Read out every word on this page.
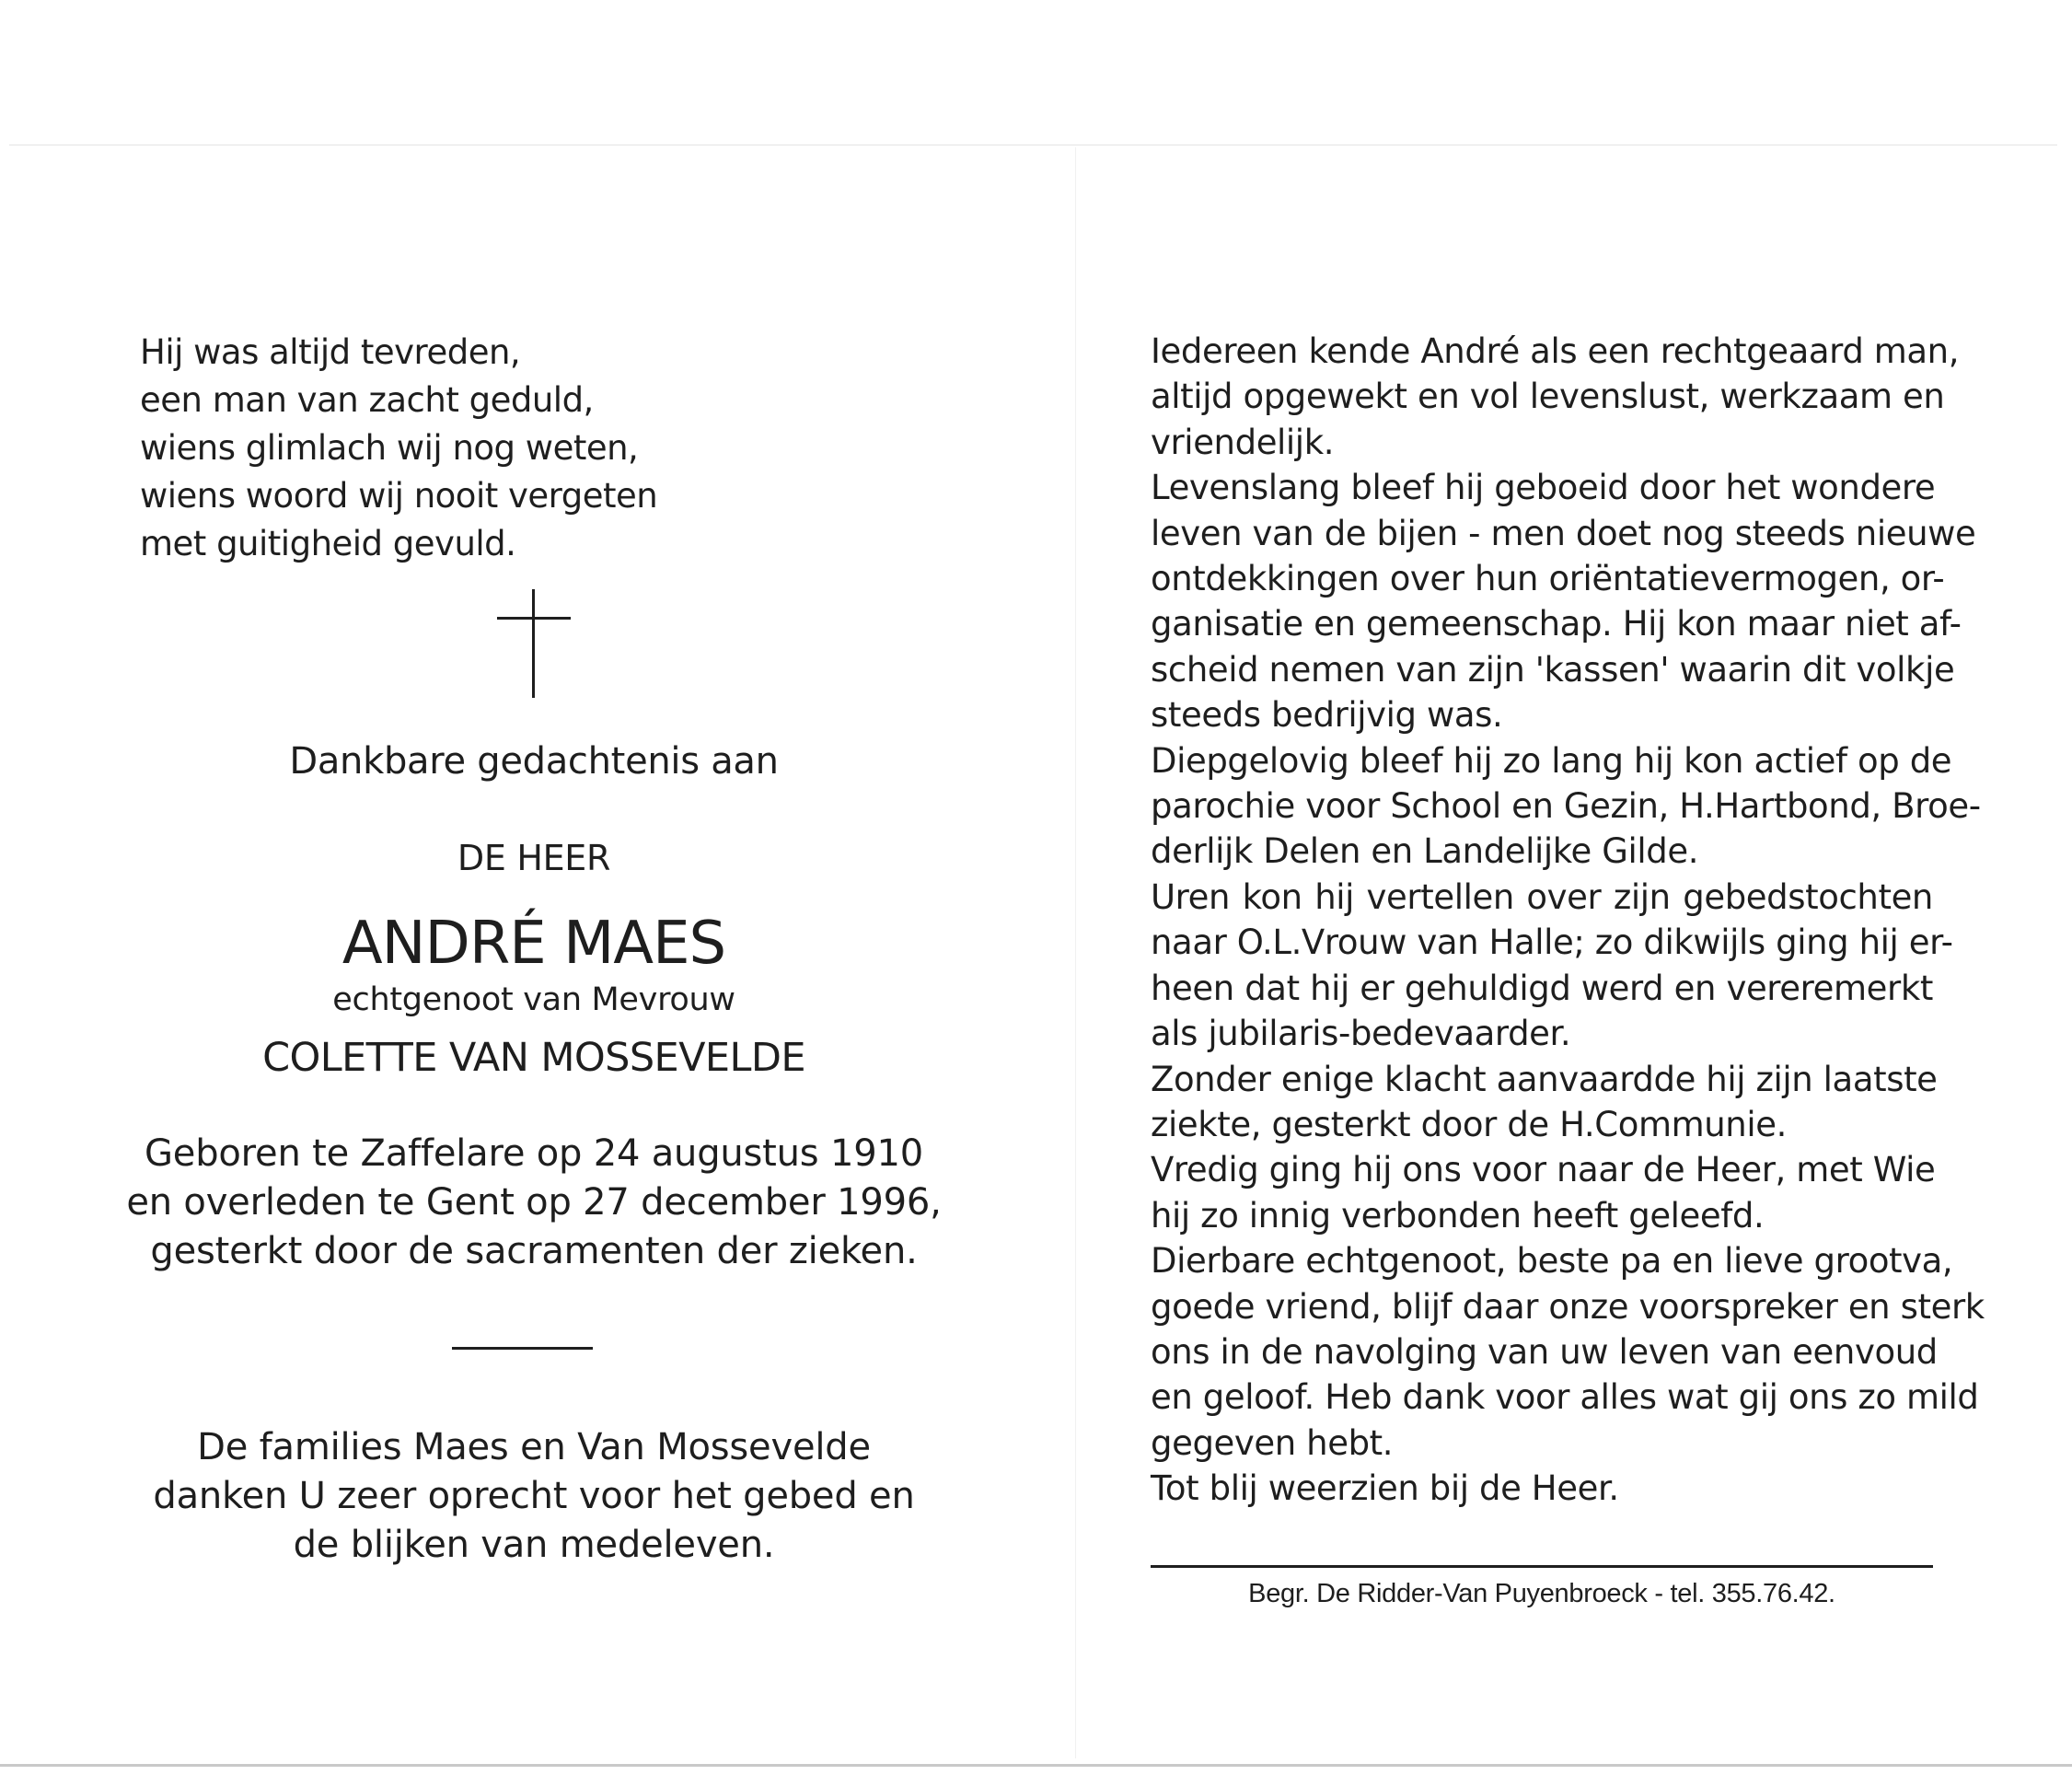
Hij was altijd tevreden,
een man van zacht geduld,
wiens glimlach wij nog weten,
wiens woord wij nooit vergeten
met guitigheid gevuld.
Dankbare gedachtenis aan
DE HEER
ANDRÉ MAES
echtgenoot van Mevrouw
COLETTE VAN MOSSEVELDE
Geboren te Zaffelare op 24 augustus 1910
en overleden te Gent op 27 december 1996,
gesterkt door de sacramenten der zieken.
De families Maes en Van Mossevelde
danken U zeer oprecht voor het gebed en
de blijken van medeleven.
Iedereen kende André als een rechtgeaard man,
altijd opgewekt en vol levenslust, werkzaam en
vriendelijk.
Levenslang bleef hij geboeid door het wondere
leven van de bijen - men doet nog steeds nieuwe
ontdekkingen over hun oriëntatievermogen, or-
ganisatie en gemeenschap. Hij kon maar niet af-
scheid nemen van zijn 'kassen' waarin dit volkje
steeds bedrijvig was.
Diepgelovig bleef hij zo lang hij kon actief op de
parochie voor School en Gezin, H.Hartbond, Broe-
derlijk Delen en Landelijke Gilde.
Uren kon hij vertellen over zijn gebedstochten
naar O.L.Vrouw van Halle; zo dikwijls ging hij er-
heen dat hij er gehuldigd werd en vereremerkt
als jubilaris-bedevaarder.
Zonder enige klacht aanvaardde hij zijn laatste
ziekte, gesterkt door de H.Communie.
Vredig ging hij ons voor naar de Heer, met Wie
hij zo innig verbonden heeft geleefd.
Dierbare echtgenoot, beste pa en lieve grootva,
goede vriend, blijf daar onze voorspreker en sterk
ons in de navolging van uw leven van eenvoud
en geloof. Heb dank voor alles wat gij ons zo mild
gegeven hebt.
Tot blij weerzien bij de Heer.
Begr. De Ridder-Van Puyenbroeck - tel. 355.76.42.
